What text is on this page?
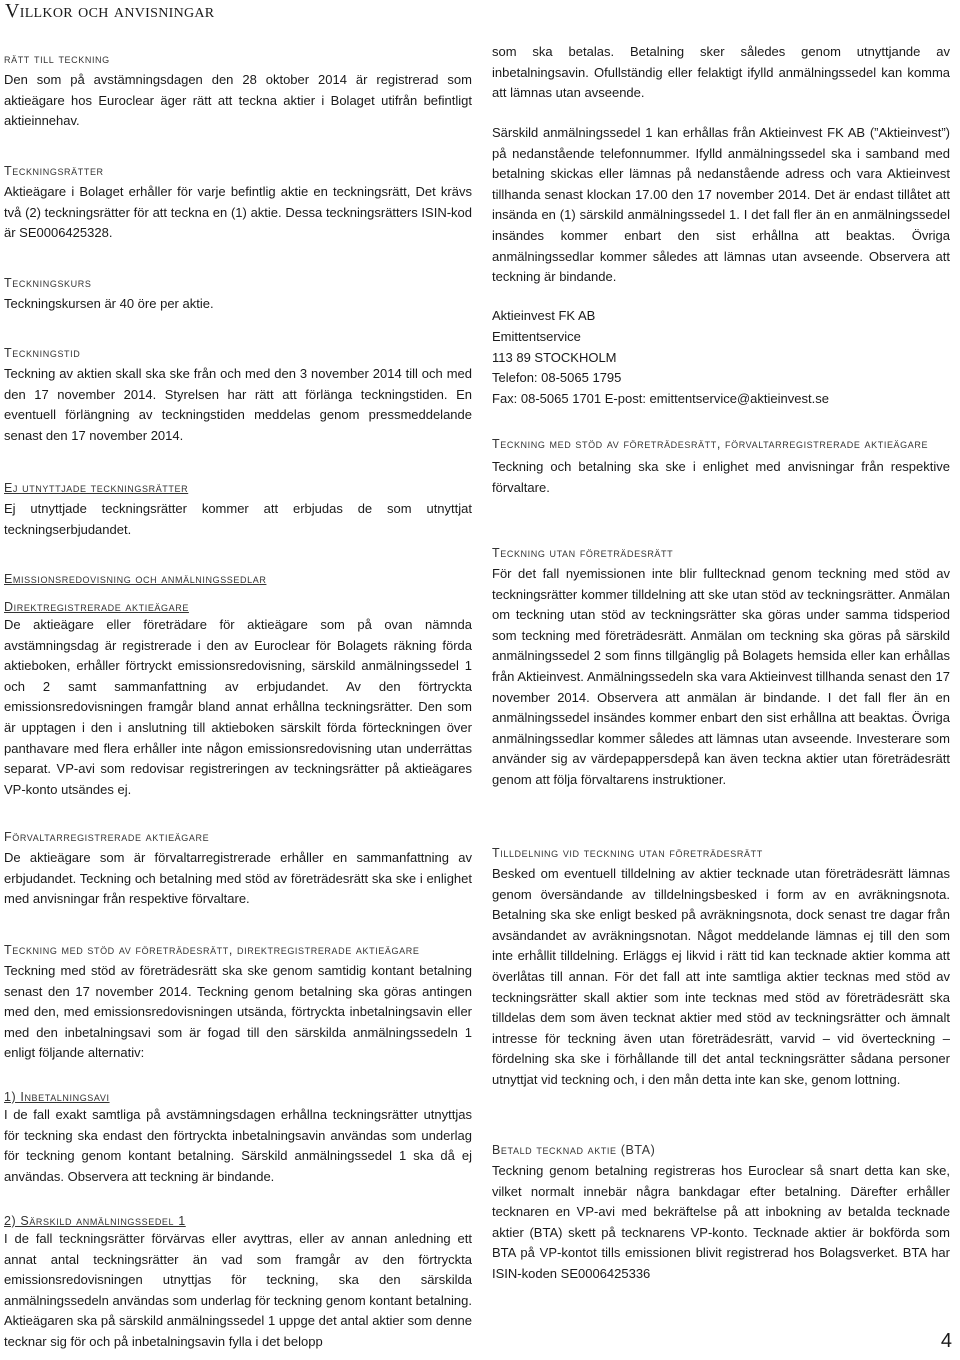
Villkor och anvisningar
rätt till teckning

Den som på avstämningsdagen den 28 oktober 2014 är registrerad som aktieägare hos Euroclear äger rätt att teckna aktier i Bolaget utifrån befintligt aktieinnehav.

Teckningsrätter

Aktieägare i Bolaget erhåller för varje befintlig aktie en teckningsrätt, Det krävs två (2) teckningsrätter för att teckna en (1) aktie. Dessa teckningsrätters ISIN-kod är SE0006425328.

Teckningskurs

Teckningskursen är 40 öre per aktie.

Teckningstid

Teckning av aktien skall ska ske från och med den 3 november 2014 till och med den 17 november 2014. Styrelsen har rätt att förlänga teckningstiden. En eventuell förlängning av teckningstiden meddelas genom pressmeddelande senast den 17 november 2014.

Ej utnyttjade teckningsrätter

Ej utnyttjade teckningsrätter kommer att erbjudas de som utnyttjat teckningserbjudandet.

Emissionsredovisning och anmälningssedlar
Direktregistrerade aktieägare

De aktieägare eller företrädare för aktieägare som på ovan nämnda avstämningsdag är registrerade i den av Euroclear för Bolagets räkning förda aktieboken, erhåller förtryckt emissionsredovisning, särskild anmälningssedel 1 och 2 samt sammanfattning av erbjudandet. Av den förtryckta emissionsredovisningen framgår bland annat erhållna teckningsrätter. Den som är upptagen i den i anslutning till aktieboken särskilt förda förteckningen över panthavare med flera erhåller inte någon emissionsredovisning utan underrättas separat. VP-avi som redovisar registreringen av teckningsrätter på aktieägares VP-konto utsändes ej.

Förvaltarregistrerade aktieägare

De aktieägare som är förvaltarregistrerade erhåller en sammanfattning av erbjudandet. Teckning och betalning med stöd av företrädesrätt ska ske i enlighet med anvisningar från respektive förvaltare.

Teckning med stöd av företrädesrätt, direktregistrerade aktieägare

Teckning med stöd av företrädesrätt ska ske genom samtidig kontant betalning senast den 17 november 2014. Teckning genom betalning ska göras antingen med den, med emissionsredovisningen utsända, förtryckta inbetalningsavin eller med den inbetalningsavi som är fogad till den särskilda anmälningssedeln 1 enligt följande alternativ:

1) Inbetalningsavi

I de fall exakt samtliga på avstämningsdagen erhållna teckningsrätter utnyttjas för teckning ska endast den förtryckta inbetalningsavin användas som underlag för teckning genom kontant betalning. Särskild anmälningssedel 1 ska då ej användas. Observera att teckning är bindande.

2) Särskild anmälningssedel 1

I de fall teckningsrätter förvärvas eller avyttras, eller av annan anledning ett annat antal teckningsrätter än vad som framgår av den förtryckta emissionsredovisningen utnyttjas för teckning, ska den särskilda anmälningssedeln användas som underlag för teckning genom kontant betalning. Aktieägaren ska på särskild anmälningssedel 1 uppge det antal aktier som denne tecknar sig för och på inbetalningsavin fylla i det belopp

som ska betalas. Betalning sker således genom utnyttjande av inbetalningsavin. Ofullständig eller felaktigt ifylld anmälningssedel kan komma att lämnas utan avseende.

Särskild anmälningssedel 1 kan erhållas från Aktieinvest FK AB (”Aktieinvest”) på nedanstående telefonnummer. Ifylld anmälningssedel ska i samband med betalning skickas eller lämnas på nedanstående adress och vara Aktieinvest tillhanda senast klockan 17.00 den 17 november 2014. Det är endast tillåtet att insända en (1) särskild anmälningssedel 1. I det fall fler än en anmälningssedel insändes kommer enbart den sist erhållna att beaktas. Övriga anmälningssedlar kommer således att lämnas utan avseende. Observera att teckning är bindande.

Aktieinvest FK AB
Emittentservice
113 89 STOCKHOLM
Telefon: 08-5065 1795
Fax: 08-5065 1701 E-post: emittentservice@aktieinvest.se
Teckning med stöd av företrädesrätt, förvaltarregistrerade aktieägare

Teckning och betalning ska ske i enlighet med anvisningar från respektive förvaltare.

Teckning utan företrädesrätt

För det fall nyemissionen inte blir fulltecknad genom teckning med stöd av teckningsrätter kommer tilldelning att ske utan stöd av teckningsrätter. Anmälan om teckning utan stöd av teckningsrätter ska göras under samma tidsperiod som teckning med företrädesrätt. Anmälan om teckning ska göras på särskild anmälningssedel 2 som finns tillgänglig på Bolagets hemsida eller kan erhållas från Aktieinvest. Anmälningssedeln ska vara Aktieinvest tillhanda senast den 17 november 2014. Observera att anmälan är bindande. I det fall fler än en anmälningssedel insändes kommer enbart den sist erhållna att beaktas. Övriga anmälningssedlar kommer således att lämnas utan avseende. Investerare som använder sig av värdepappersdepå kan även teckna aktier utan företrädesrätt genom att följa förvaltarens instruktioner.

Tilldelning vid teckning utan företrädesrätt

Besked om eventuell tilldelning av aktier tecknade utan företrädesrätt lämnas genom översändande av tilldelningsbesked i form av en avräkningsnota. Betalning ska ske enligt besked på avräkningsnota, dock senast tre dagar från avsändandet av avräkningsnotan. Något meddelande lämnas ej till den som inte erhållit tilldelning. Erläggs ej likvid i rätt tid kan tecknade aktier komma att överlåtas till annan. För det fall att inte samtliga aktier tecknas med stöd av teckningsrätter skall aktier som inte tecknas med stöd av företrädesrätt ska tilldelas dem som även tecknat aktier med stöd av teckningsrätter och ämnalt intresse för teckning även utan företrädesrätt, varvid – vid överteckning – fördelning ska ske i förhållande till det antal teckningsrätter sådana personer utnyttjat vid teckning och, i den mån detta inte kan ske, genom lottning.

Betald tecknad aktie (BTA)

Teckning genom betalning registreras hos Euroclear så snart detta kan ske, vilket normalt innebär några bankdagar efter betalning. Därefter erhåller tecknaren en VP-avi med bekräftelse på att inbokning av betalda tecknade aktier (BTA) skett på tecknarens VP-konto. Tecknade aktier är bokförda som BTA på VP-kontot tills emissionen blivit registrerad hos Bolagsverket. BTA har ISIN-koden SE0006425336

4
